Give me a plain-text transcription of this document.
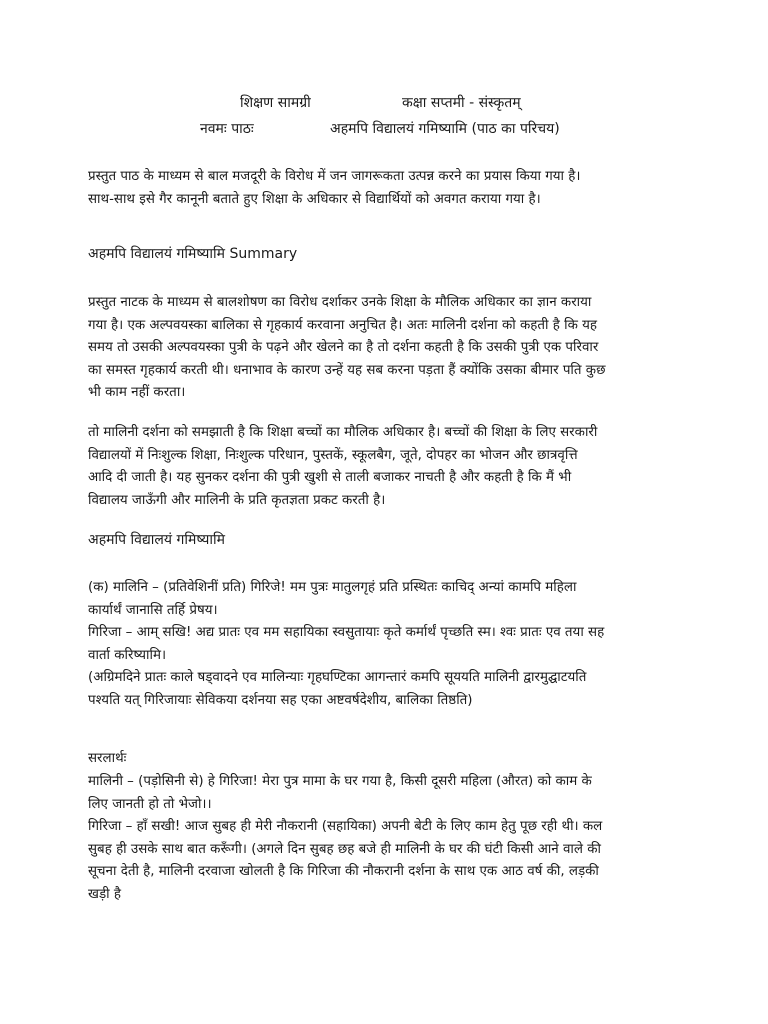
शिक्षण सामग्री	कक्षा सप्तमी - संस्कृतम्
नवमः पाठः	अहमपि विद्यालयं गमिष्यामि (पाठ का परिचय)

प्रस्तुत पाठ के माध्यम से बाल मजदूरी के विरोध में जन जागरूकता उत्पन्न करने का प्रयास किया गया है।
साथ-साथ इसे गैर कानूनी बताते हुए शिक्षा के अधिकार से विद्यार्थियों को अवगत कराया गया है।

अहमपि विद्यालयं गमिष्यामि Summary

प्रस्तुत नाटक के माध्यम से बालशोषण का विरोध दर्शाकर उनके शिक्षा के मौलिक अधिकार का ज्ञान कराया
गया है। एक अल्पवयस्का बालिका से गृहकार्य करवाना अनुचित है। अतः मालिनी दर्शना को कहती है कि यह
समय तो उसकी अल्पवयस्का पुत्री के पढ़ने और खेलने का है तो दर्शना कहती है कि उसकी पुत्री एक परिवार
का समस्त गृहकार्य करती थी। धनाभाव के कारण उन्हें यह सब करना पड़ता हैं क्योंकि उसका बीमार पति कुछ
भी काम नहीं करता।

तो मालिनी दर्शना को समझाती है कि शिक्षा बच्चों का मौलिक अधिकार है। बच्चों की शिक्षा के लिए सरकारी
विद्यालयों में निःशुल्क शिक्षा, निःशुल्क परिधान, पुस्तकें, स्कूलबैग, जूते, दोपहर का भोजन और छात्रवृत्ति
आदि दी जाती है। यह सुनकर दर्शना की पुत्री खुशी से ताली बजाकर नाचती है और कहती है कि मैं भी
विद्यालय जाऊँगी और मालिनी के प्रति कृतज्ञता प्रकट करती है।

अहमपि विद्यालयं गमिष्यामि

(क) मालिनि – (प्रतिवेशिनीं प्रति) गिरिजे! मम पुत्रः मातुलगृहं प्रति प्रस्थितः काचिद् अन्यां कामपि महिला
कार्यार्थं जानासि तर्हि प्रेषय।
गिरिजा – आम् सखि! अद्य प्रातः एव मम सहायिका स्वसुतायाः कृते कर्मार्थं पृच्छति स्म। श्वः प्रातः एव तया सह
वार्ता करिष्यामि।
(अग्रिमदिने प्रातः काले षड्वादने एव मालिन्याः गृहघण्टिका आगन्तारं कमपि सूययति मालिनी द्वारमुद्घाटयति
पश्यति यत् गिरिजायाः सेविकया दर्शनया सह एका अष्टवर्षदेशीय, बालिका तिष्ठति)

सरलार्थः

मालिनी – (पड़ोसिनी से) हे गिरिजा! मेरा पुत्र मामा के घर गया है, किसी दूसरी महिला (औरत) को काम के
लिए जानती हो तो भेजो।।
गिरिजा – हाँ सखी! आज सुबह ही मेरी नौकरानी (सहायिका) अपनी बेटी के लिए काम हेतु पूछ रही थी। कल
सुबह ही उसके साथ बात करूँगी। (अगले दिन सुबह छह बजे ही मालिनी के घर की घंटी किसी आने वाले की
सूचना देती है, मालिनी दरवाजा खोलती है कि गिरिजा की नौकरानी दर्शना के साथ एक आठ वर्ष की, लड़की
खड़ी है
